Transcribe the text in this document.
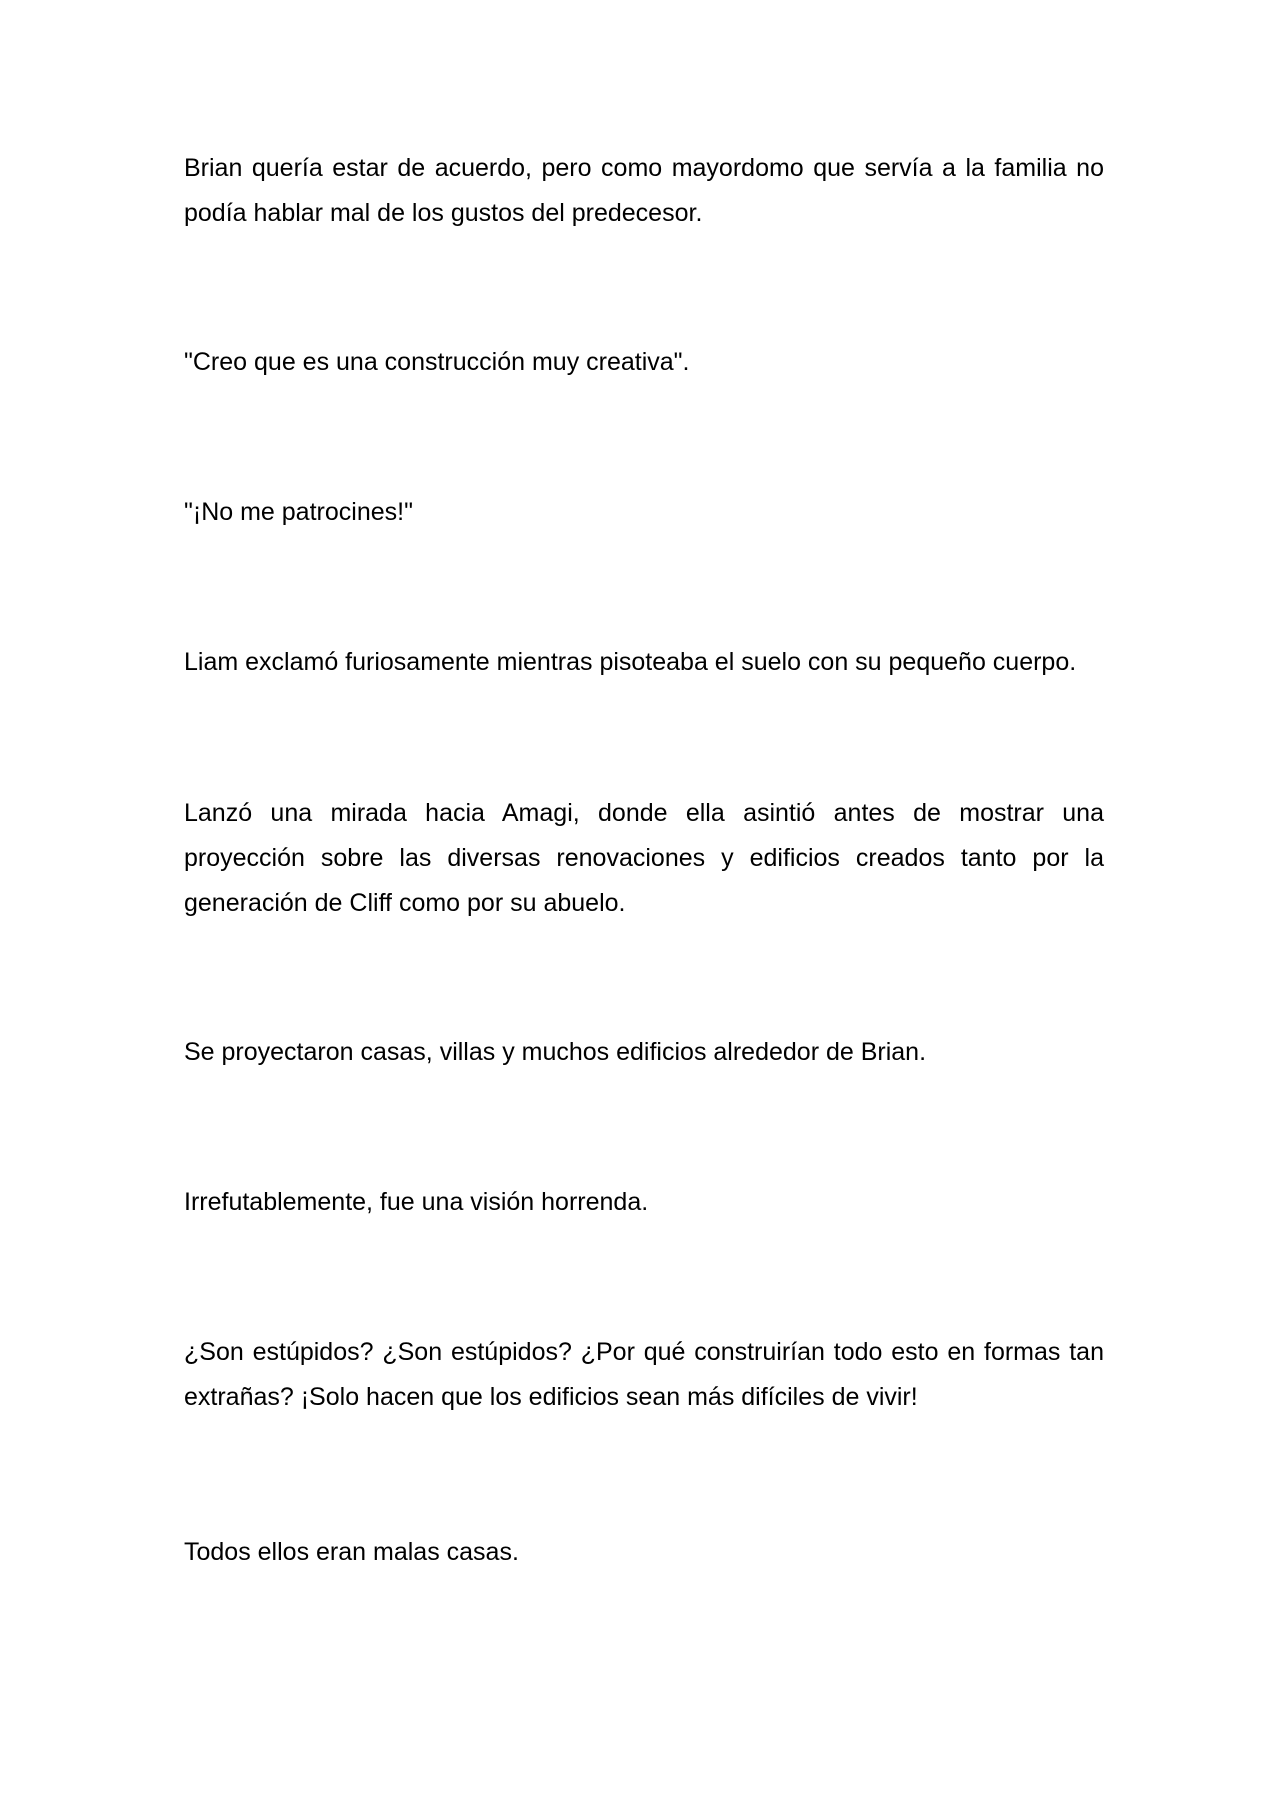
Brian quería estar de acuerdo, pero como mayordomo que servía a la familia no podía hablar mal de los gustos del predecesor.

"Creo que es una construcción muy creativa".

"¡No me patrocines!"

Liam exclamó furiosamente mientras pisoteaba el suelo con su pequeño cuerpo.

Lanzó una mirada hacia Amagi, donde ella asintió antes de mostrar una proyección sobre las diversas renovaciones y edificios creados tanto por la generación de Cliff como por su abuelo.

Se proyectaron casas, villas y muchos edificios alrededor de Brian.

Irrefutablemente, fue una visión horrenda.

¿Son estúpidos? ¿Son estúpidos? ¿Por qué construirían todo esto en formas tan extrañas? ¡Solo hacen que los edificios sean más difíciles de vivir!

Todos ellos eran malas casas.
